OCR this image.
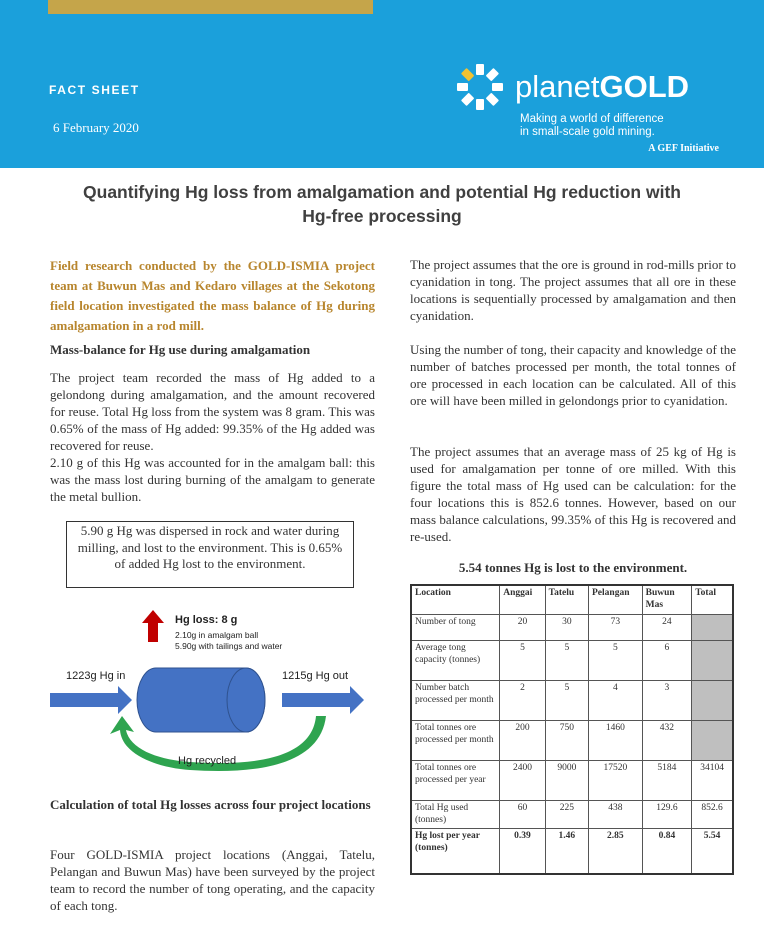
FACT SHEET
6 February 2020
planetGOLD
Making a world of difference
in small-scale gold mining.
A GEF Initiative
Quantifying Hg loss from amalgamation and potential Hg reduction with
Hg-free processing
Field research conducted by the GOLD-ISMIA project team at Buwun Mas and Kedaro villages at the Sekotong field location investigated the mass balance of Hg during amalgamation in a rod mill.
Mass-balance for Hg use during amalgamation
The project team recorded the mass of Hg added to a gelondong during amalgamation, and the amount recovered for reuse. Total Hg loss from the system was 8 gram. This was 0.65% of the mass of Hg added: 99.35% of the Hg added was recovered for reuse.
2.10 g of this Hg was accounted for in the amalgam ball: this was the mass lost during burning of the amalgam to generate the metal bullion.
5.90 g Hg was dispersed in rock and water during milling, and lost to the environment. This is 0.65% of added Hg lost to the environment.
Hg loss: 8 g
2.10g in amalgam ball
5.90g with tailings and water
1223g Hg in	1215g Hg out
Hg recycled
Calculation of total Hg losses across four project locations
Four GOLD-ISMIA project locations (Anggai, Tatelu, Pelangan and Buwun Mas) have been surveyed by the project team to record the number of tong operating, and the capacity of each tong.
The project assumes that the ore is ground in rod-mills prior to cyanidation in tong. The project assumes that all ore in these locations is sequentially processed by amalgamation and then cyanidation.
Using the number of tong, their capacity and knowledge of the number of batches processed per month, the total tonnes of ore processed in each location can be calculated. All of this ore will have been milled in gelondongs prior to cyanidation.
The project assumes that an average mass of 25 kg of Hg is used for amalgamation per tonne of ore milled. With this figure the total mass of Hg used can be calculation: for the four locations this is 852.6 tonnes. However, based on our mass balance calculations, 99.35% of this Hg is recovered and re-used.
5.54 tonnes Hg is lost to the environment.
Location	Anggai	Tatelu	Pelangan	Buwun Mas	Total
Number of tong	20	30	73	24	
Average tong capacity (tonnes)	5	5	5	6	
Number batch processed per month	2	5	4	3	
Total tonnes ore processed per month	200	750	1460	432	
Total tonnes ore processed per year	2400	9000	17520	5184	34104
Total Hg used (tonnes)	60	225	438	129.6	852.6
Hg lost per year (tonnes)	0.39	1.46	2.85	0.84	5.54
